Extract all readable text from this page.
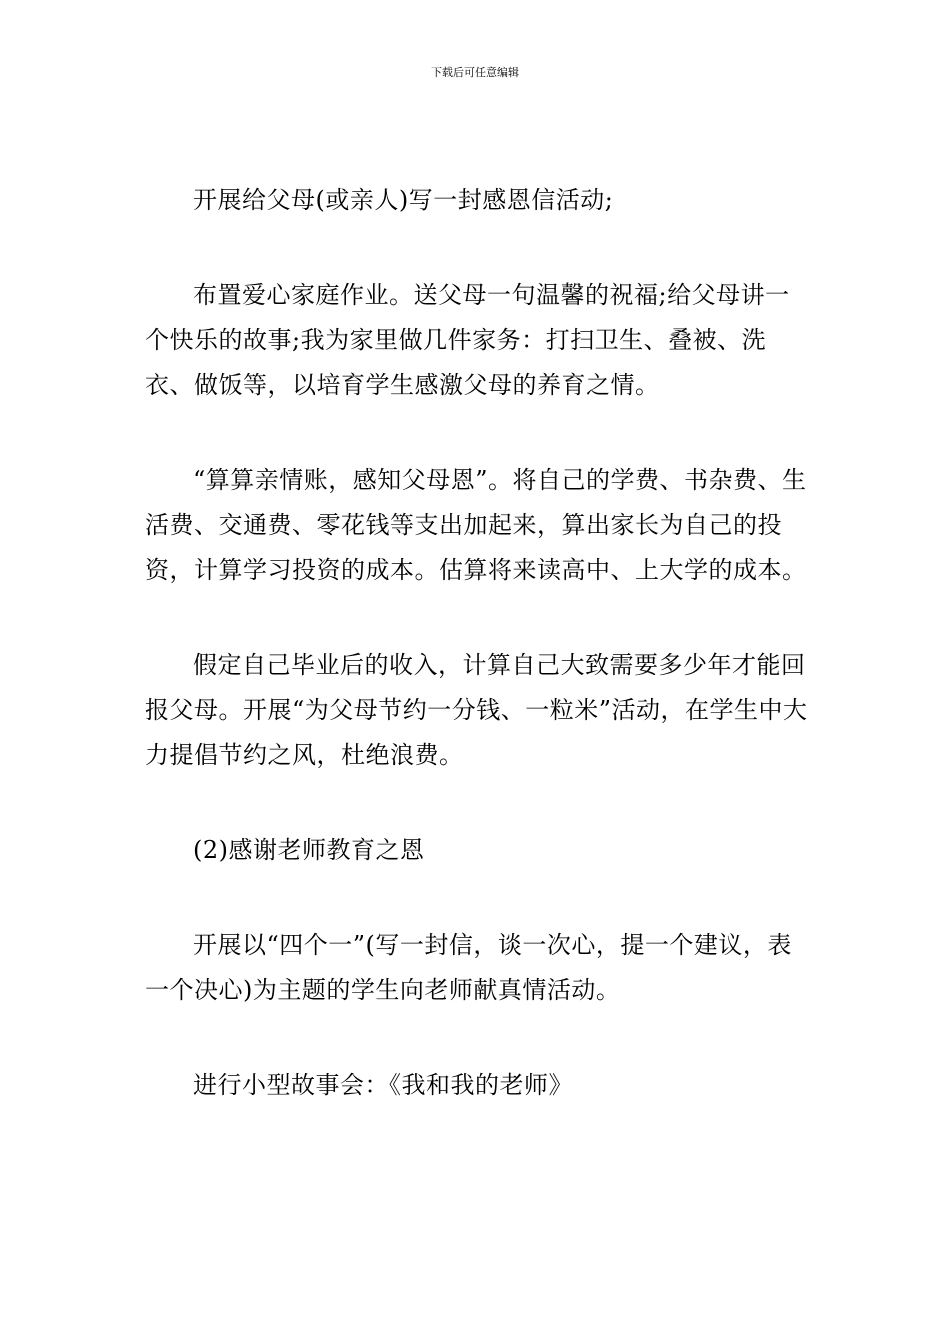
下载后可任意编辑

开展给父母(或亲人)写一封感恩信活动;

布置爱心家庭作业。送父母一句温馨的祝福;给父母讲一个快乐的故事;我为家里做几件家务：打扫卫生、叠被、洗衣、做饭等，以培育学生感激父母的养育之情。

“算算亲情账，感知父母恩”。将自己的学费、书杂费、生活费、交通费、零花钱等支出加起来，算出家长为自己的投资，计算学习投资的成本。估算将来读高中、上大学的成本。

假定自己毕业后的收入，计算自己大致需要多少年才能回报父母。开展“为父母节约一分钱、一粒米”活动，在学生中大力提倡节约之风，杜绝浪费。

(2)感谢老师教育之恩

开展以“四个一”(写一封信，谈一次心，提一个建议，表一个决心)为主题的学生向老师献真情活动。

进行小型故事会：《我和我的老师》
